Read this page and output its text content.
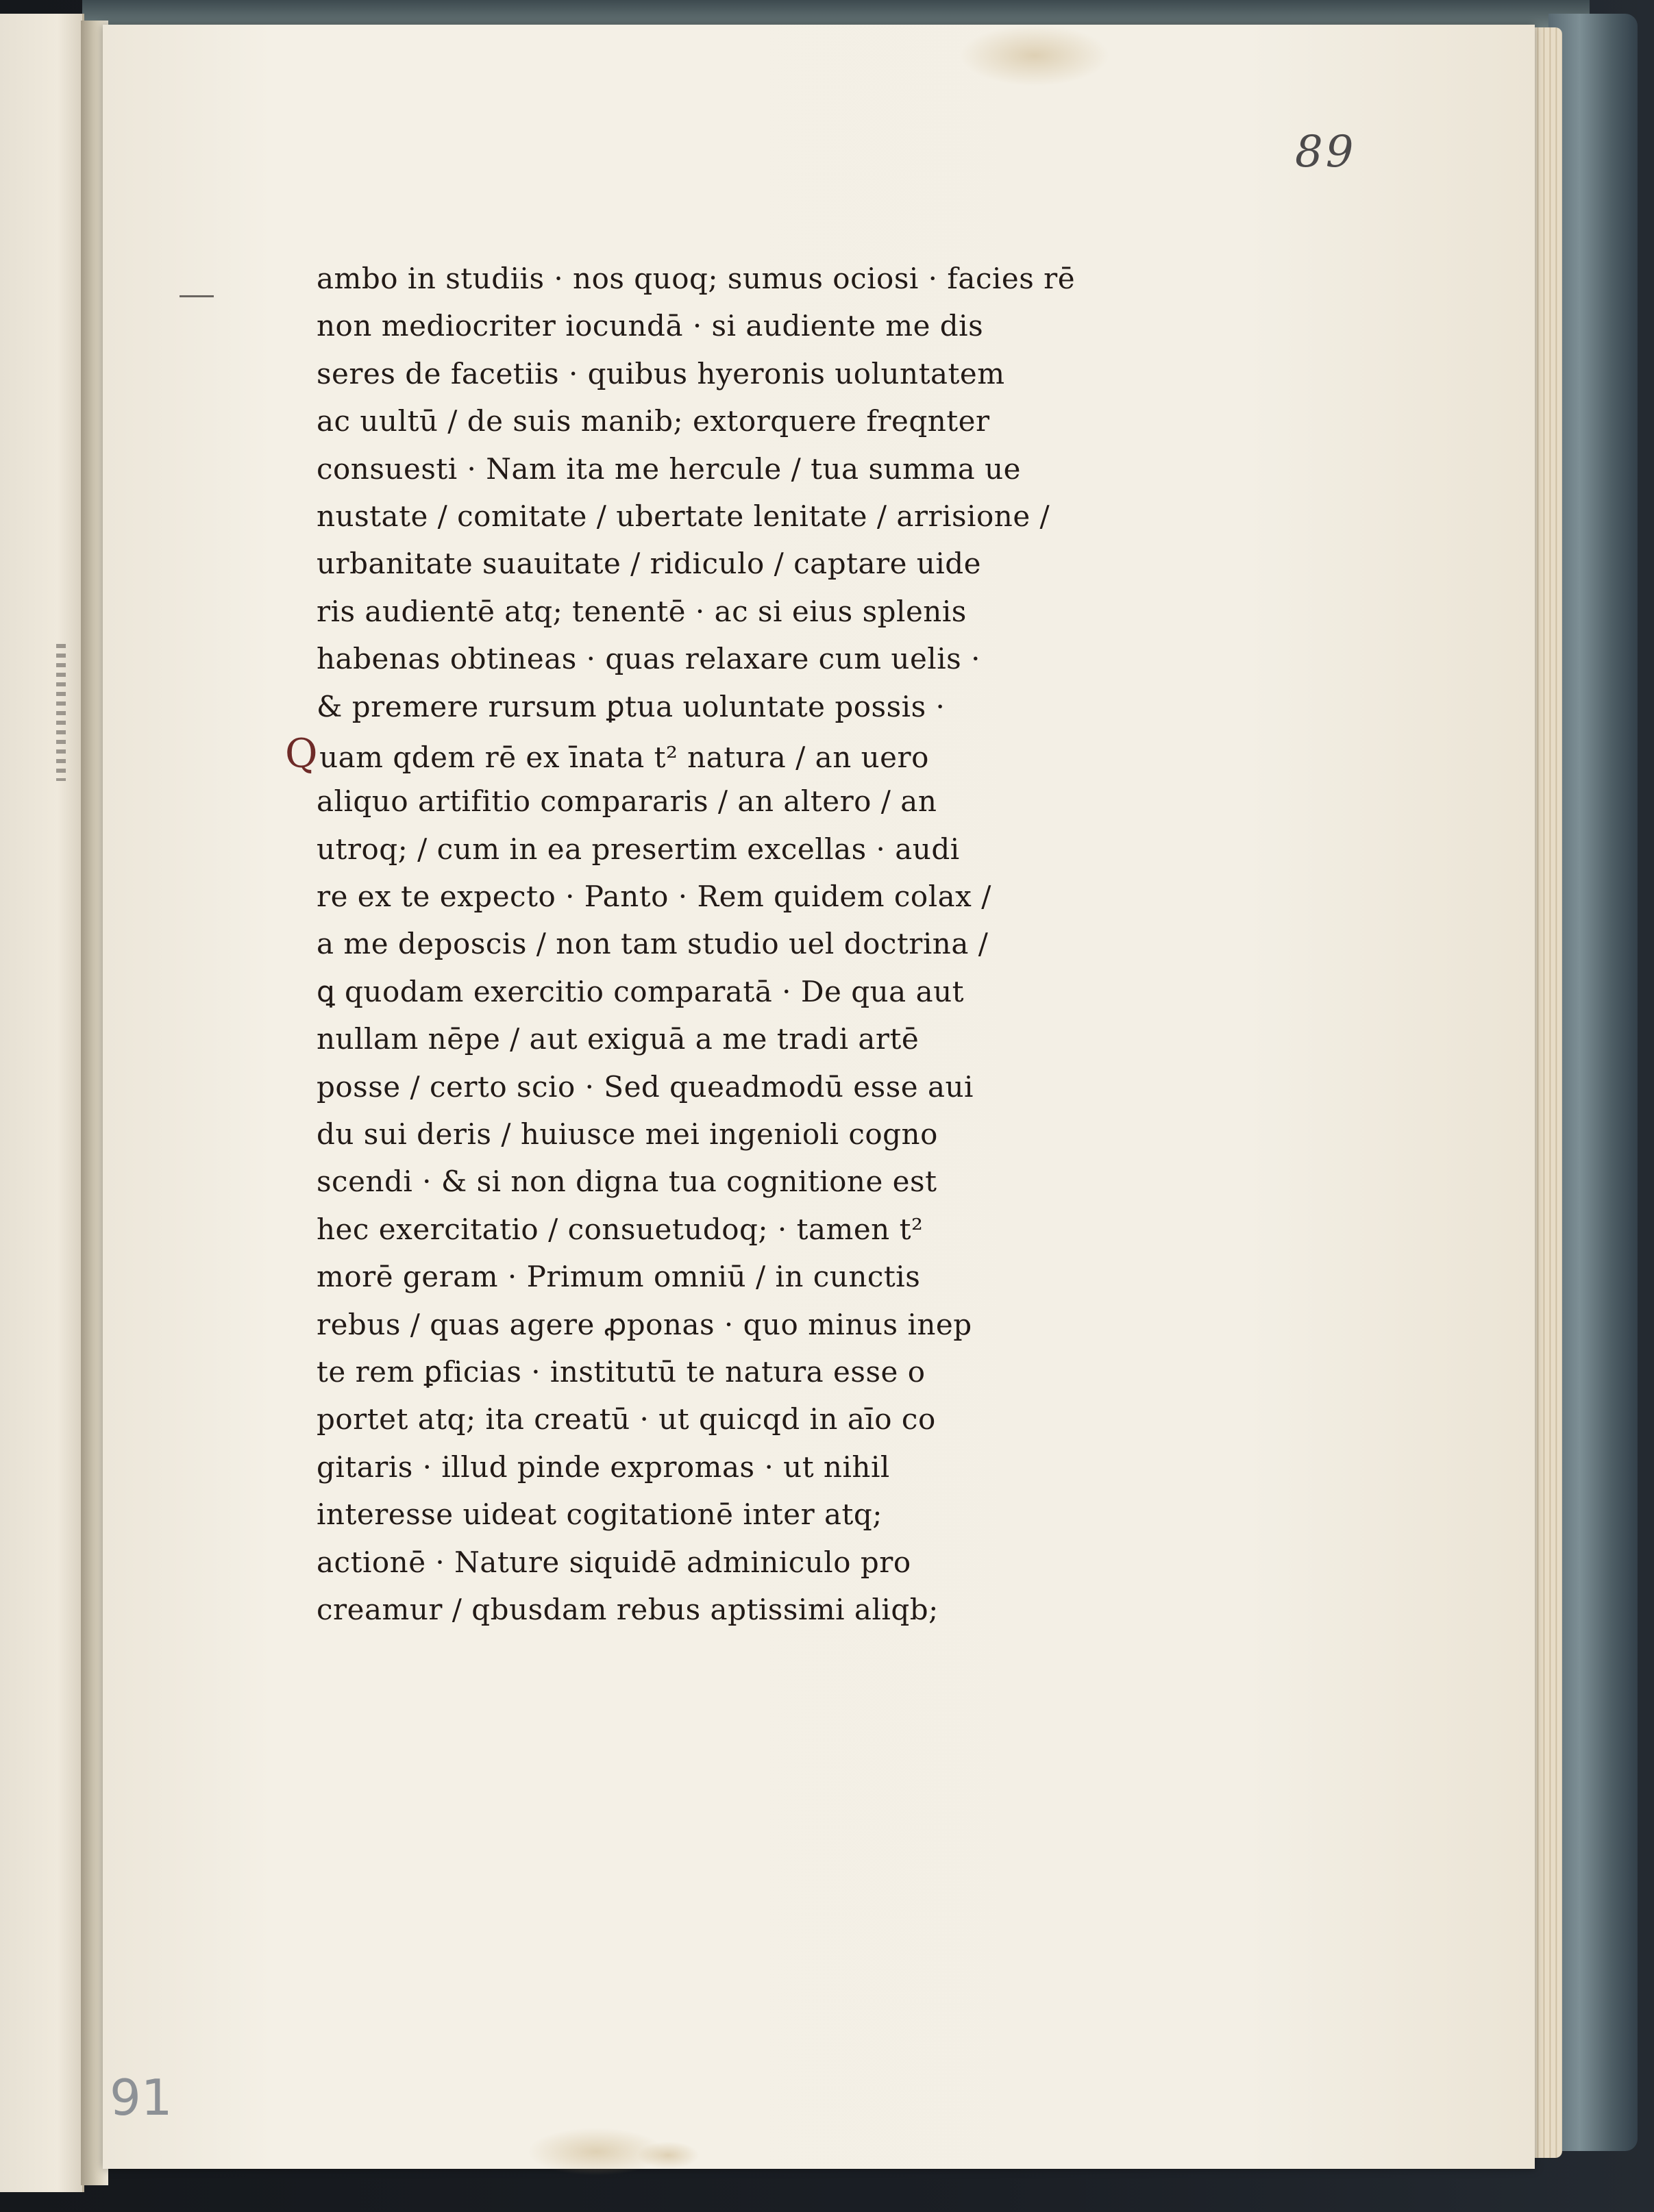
89
91
ambo in studiis · nos quoq; sumus ociosi · facies rē
non mediocriter iocundā · si audiente me dis
seres de facetiis · quibus hyeronis uoluntatem
ac uultū / de suis manib; extorquere freqnter
consuesti · Nam ita me hercule / tua summa ue
nustate / comitate / ubertate lenitate / arrisione /
urbanitate suauitate / ridiculo / captare uide
ris audientē atq; tenentē · ac si eius splenis
habenas obtineas · quas relaxare cum uelis ·
& premere rursum ꝑtua uoluntate possis ·
Quam qdem rē ex īnata t² natura / an uero
aliquo artifitio compararis / an altero / an
utroq; / cum in ea presertim excellas · audi
re ex te expecto · Panto · Rem quidem colax /
a me deposcis / non tam studio uel doctrina /
ꝗ quodam exercitio comparatā · De qua aut
nullam nēpe / aut exiguā a me tradi artē
posse / certo scio · Sed queadmodū esse aui
du sui deris / huiusce mei ingenioli cogno
scendi · & si non digna tua cognitione est
hec exercitatio / consuetudoq; · tamen t²
morē geram · Primum omniū / in cunctis
rebus / quas agere ꝓponas · quo minus inep
te rem ꝑficias · institutū te natura esse o
portet atq; ita creatū · ut quicqd in aīo co
gitaris · illud pinde expromas · ut nihil
interesse uideat cogitationē inter atq;
actionē · Nature siquidē adminiculo pro
creamur / qbusdam rebus aptissimi aliqb;
